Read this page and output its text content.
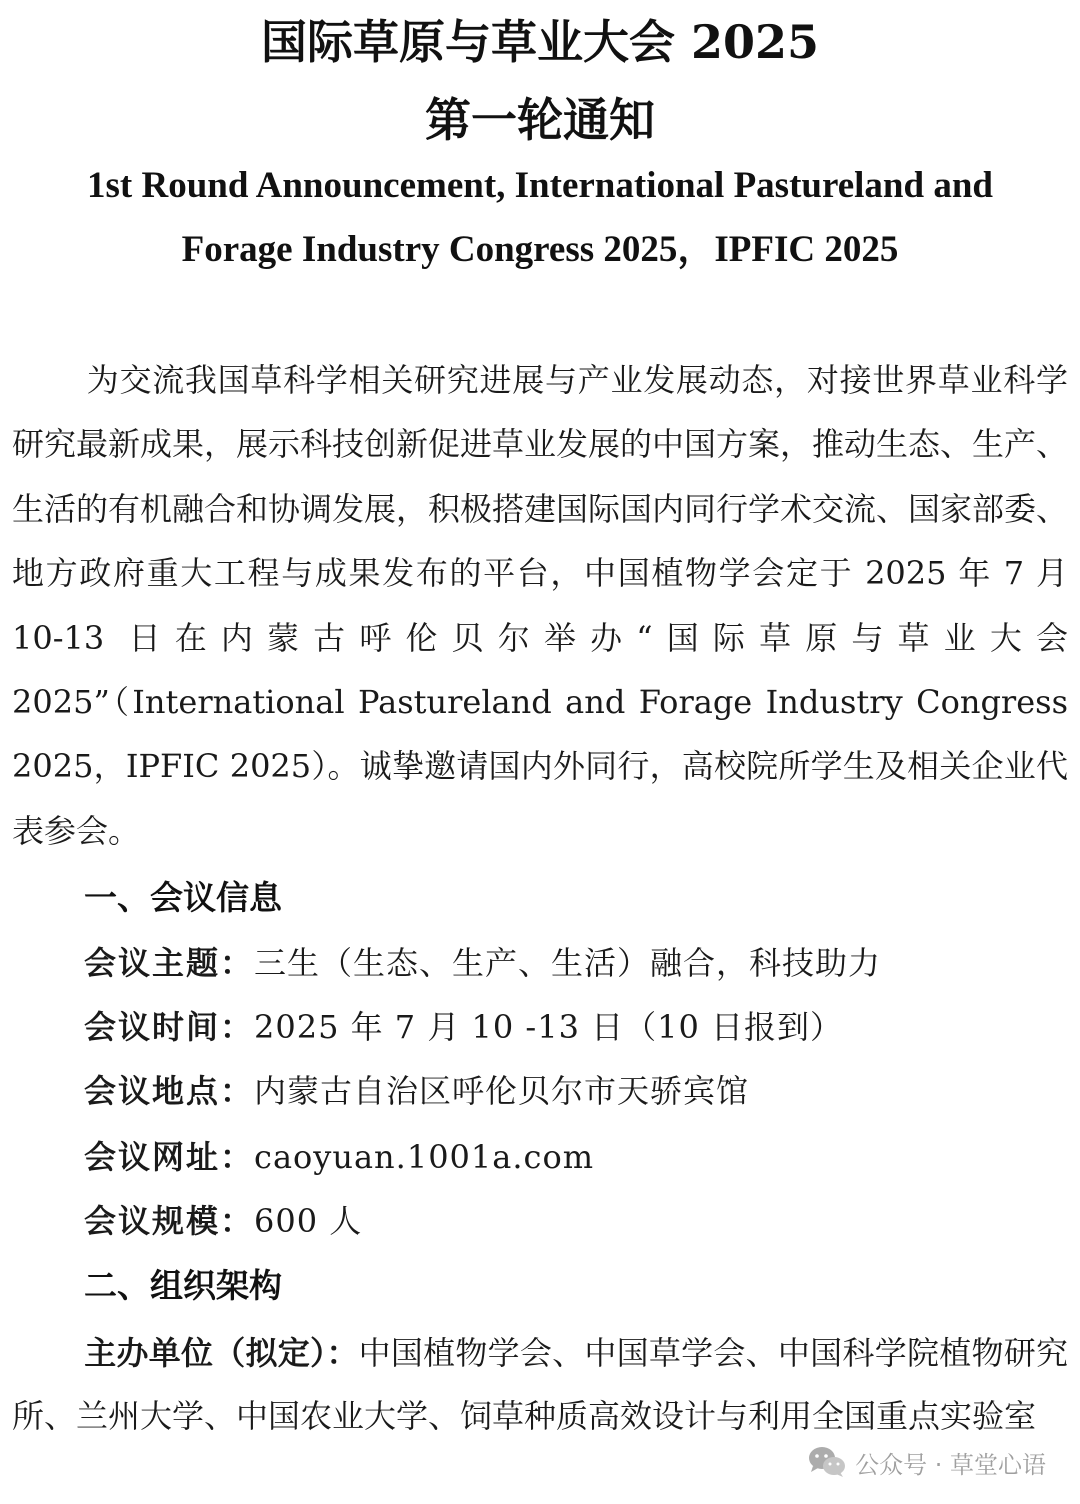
国际草原与草业大会 2025
第一轮通知
1st Round Announcement, International Pastureland and
Forage Industry Congress 2025，IPFIC 2025
为交流我国草科学相关研究进展与产业发展动态，对接世界草业科学研究最新成果，展示科技创新促进草业发展的中国方案，推动生态、生产、生活的有机融合和协调发展，积极搭建国际国内同行学术交流、国家部委、地方政府重大工程与成果发布的平台，中国植物学会定于 2025 年 7 月 10-13 日在内蒙古呼伦贝尔举办“国际草原与草业大会 2025”（International Pastureland and Forage Industry Congress 2025，IPFIC 2025）。诚挚邀请国内外同行，高校院所学生及相关企业代表参会。
一、会议信息
会议主题：三生（生态、生产、生活）融合，科技助力
会议时间：2025 年 7 月 10 -13 日（10 日报到）
会议地点：内蒙古自治区呼伦贝尔市天骄宾馆
会议网址：caoyuan.1001a.com
会议规模：600 人
二、组织架构
主办单位（拟定）：中国植物学会、中国草学会、中国科学院植物研究所、兰州大学、中国农业大学、饲草种质高效设计与利用全国重点实验室
公众号 · 草堂心语
